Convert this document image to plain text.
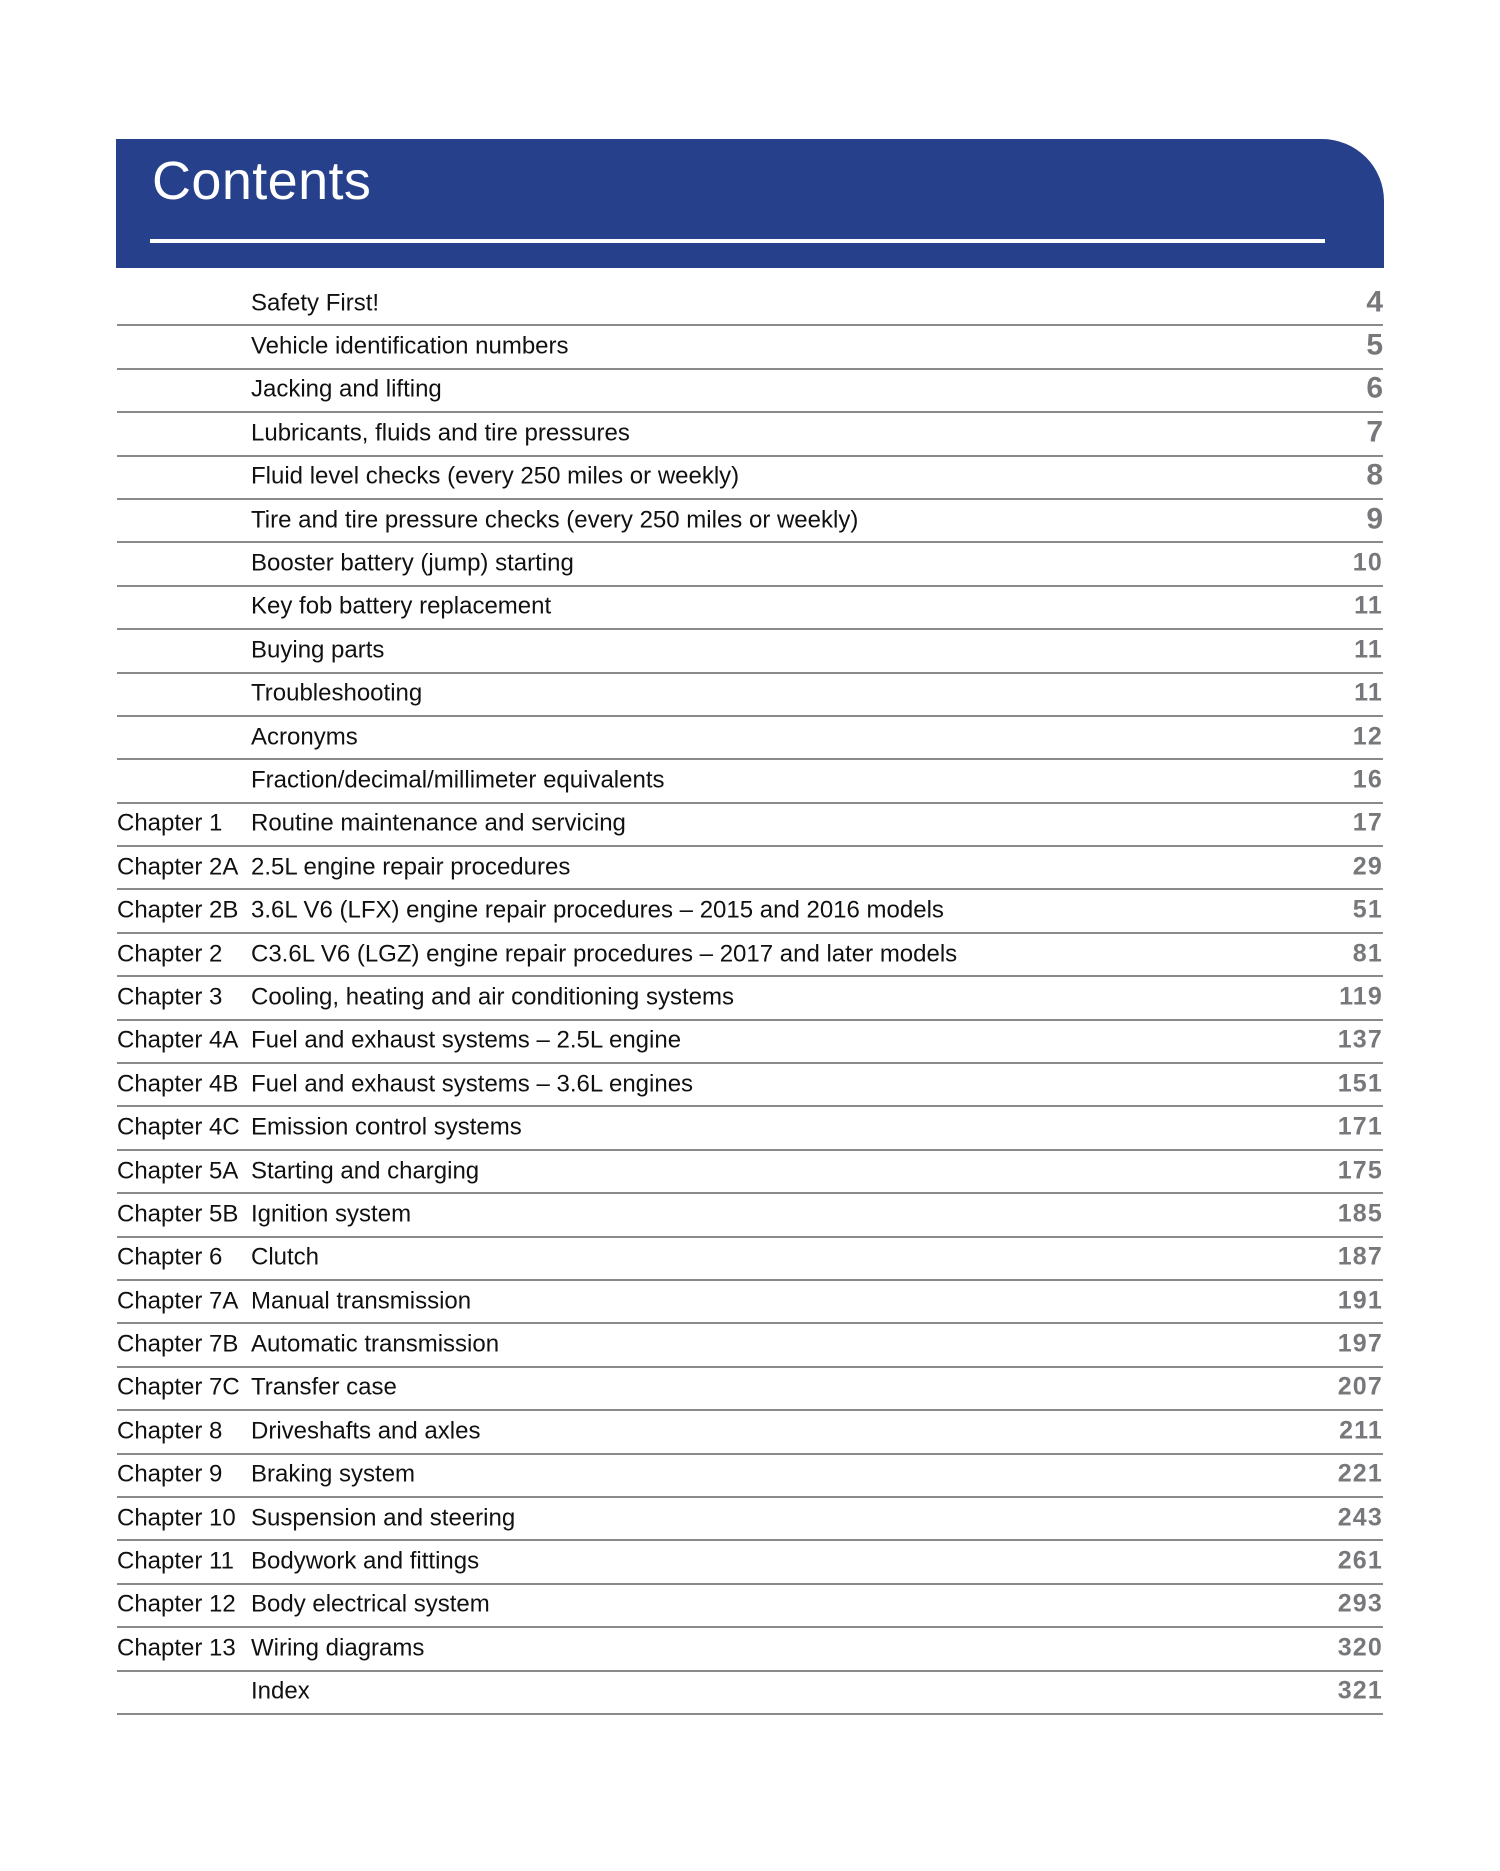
Contents
Safety First!	4
Vehicle identification numbers	5
Jacking and lifting	6
Lubricants, fluids and tire pressures	7
Fluid level checks (every 250 miles or weekly)	8
Tire and tire pressure checks (every 250 miles or weekly)	9
Booster battery (jump) starting	10
Key fob battery replacement	11
Buying parts	11
Troubleshooting	11
Acronyms	12
Fraction/decimal/millimeter equivalents	16
Chapter 1	Routine maintenance and servicing	17
Chapter 2A 2.5L engine repair procedures	29
Chapter 2B 3.6L V6 (LFX) engine repair procedures – 2015 and 2016 models	51
Chapter 2	C3.6L V6 (LGZ) engine repair procedures – 2017 and later models	81
Chapter 3	Cooling, heating and air conditioning systems	119
Chapter 4A Fuel and exhaust systems – 2.5L engine	137
Chapter 4B Fuel and exhaust systems – 3.6L engines	151
Chapter 4C Emission control systems	171
Chapter 5A Starting and charging	175
Chapter 5B Ignition system	185
Chapter 6	Clutch	187
Chapter 7A Manual transmission	191
Chapter 7B Automatic transmission	197
Chapter 7C Transfer case	207
Chapter 8	Driveshafts and axles	211
Chapter 9	Braking system	221
Chapter 10 Suspension and steering	243
Chapter 11 Bodywork and fittings	261
Chapter 12 Body electrical system	293
Chapter 13 Wiring diagrams	320
Index	321
